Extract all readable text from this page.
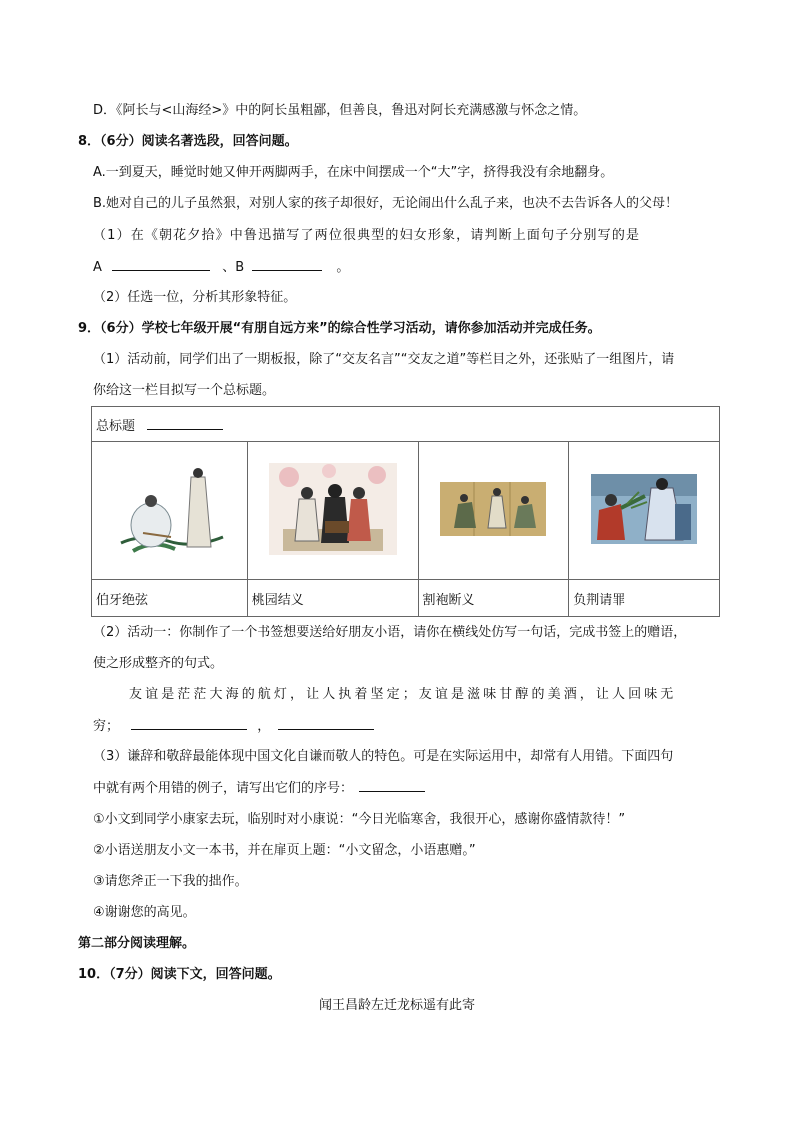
D．《阿长与<山海经>》中的阿长虽粗鄙，但善良，鲁迅对阿长充满感激与怀念之情。
8．（6分）阅读名著选段，回答问题。
A.一到夏天，睡觉时她又伸开两脚两手，在床中间摆成一个“大”字，挤得我没有余地翻身。
B.她对自己的儿子虽然狠，对别人家的孩子却很好，无论闹出什么乱子来，也决不去告诉各人的父母！
（1）在《朝花夕拾》中鲁迅描写了两位很典型的妇女形象，请判断上面句子分别写的是
A	、B	。
（2）任选一位，分析其形象特征。
9．（6分）学校七年级开展“有朋自远方来”的综合性学习活动，请你参加活动并完成任务。
（1）活动前，同学们出了一期板报，除了“交友名言”“交友之道”等栏目之外，还张贴了一组图片，请
你给这一栏目拟写一个总标题。
总标题			

伯牙绝弦	桃园结义	割袍断义	负荆请罪
（2）活动一：你制作了一个书签想要送给好朋友小语，请你在横线处仿写一句话，完成书签上的赠语，
使之形成整齐的句式。
友谊是茫茫大海的航灯，让人执着坚定；友谊是滋味甘醇的美酒，让人回味无
穷；	，
（3）谦辞和敬辞最能体现中国文化自谦而敬人的特色。可是在实际运用中，却常有人用错。下面四句
中就有两个用错的例子，请写出它们的序号：
①小文到同学小康家去玩，临别时对小康说：“今日光临寒舍，我很开心，感谢你盛情款待！”
②小语送朋友小文一本书，并在扉页上题：“小文留念，小语惠赠。”
③请您斧正一下我的拙作。
④谢谢您的高见。
第二部分阅读理解。
10．（7分）阅读下文，回答问题。
闻王昌龄左迁龙标遥有此寄
